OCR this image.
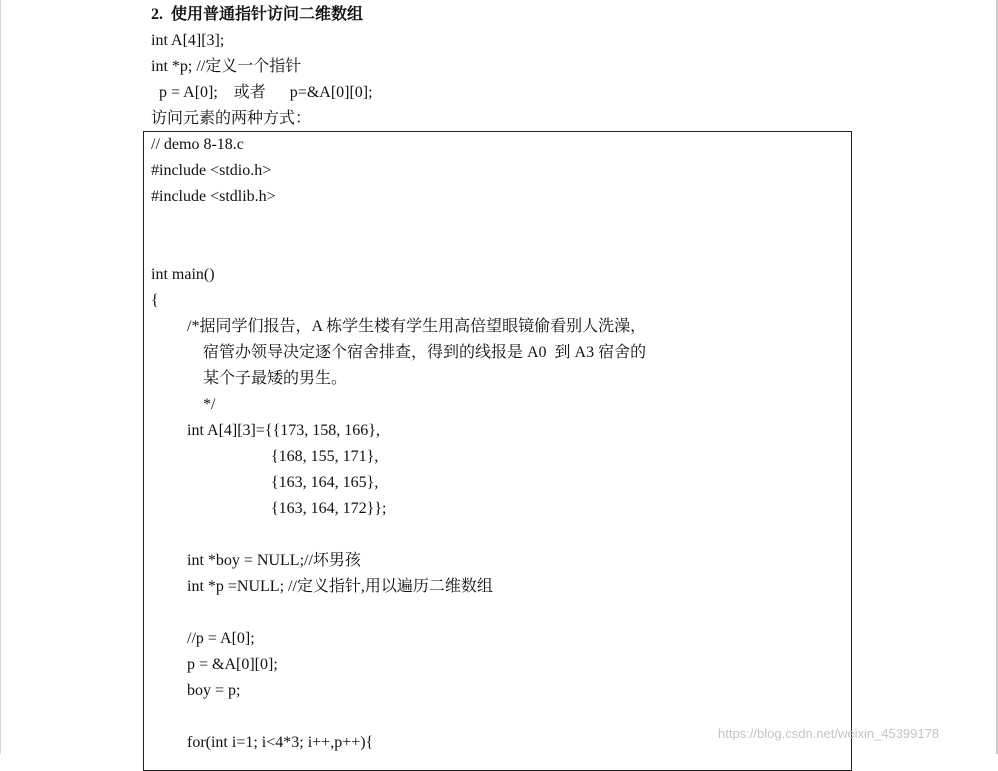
2.  使用普通指针访问二维数组
int A[4][3];
int *p; //定义一个指针
p = A[0];    或者      p=&A[0][0];
访问元素的两种方式：
// demo 8-18.c
#include <stdio.h>
#include <stdlib.h>
int main()
{
/*据同学们报告，A 栋学生楼有学生用高倍望眼镜偷看别人洗澡，
宿管办领导决定逐个宿舍排查，得到的线报是 A0  到 A3 宿舍的
某个子最矮的男生。
*/
int A[4][3]={{173, 158, 166},
{168, 155, 171},
{163, 164, 165},
{163, 164, 172}};
int *boy = NULL;//坏男孩
int *p =NULL; //定义指针,用以遍历二维数组
//p = A[0];
p = &A[0][0];
boy = p;
for(int i=1; i<4*3; i++,p++){
https://blog.csdn.net/weixin_45399178
